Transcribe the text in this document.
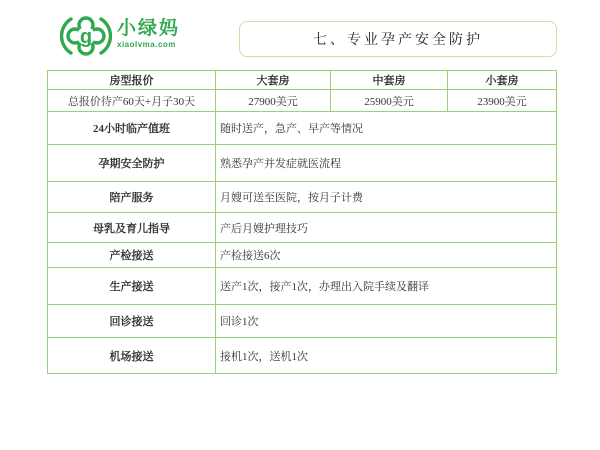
g 小绿妈
xiaolvma.com	七、专业孕产安全防护
房型报价	大套房	中套房	小套房
总报价待产60天+月子30天	27900美元	25900美元	23900美元
24小时临产值班	随时送产，急产、早产等情况		
孕期安全防护	熟悉孕产并发症就医流程		
陪产服务	月嫂可送至医院，按月子计费		
母乳及育儿指导	产后月嫂护理技巧		
产检接送	产检接送6次		
生产接送	送产1次，接产1次，办理出入院手续及翻译		
回诊接送	回诊1次		
机场接送	接机1次，送机1次		
